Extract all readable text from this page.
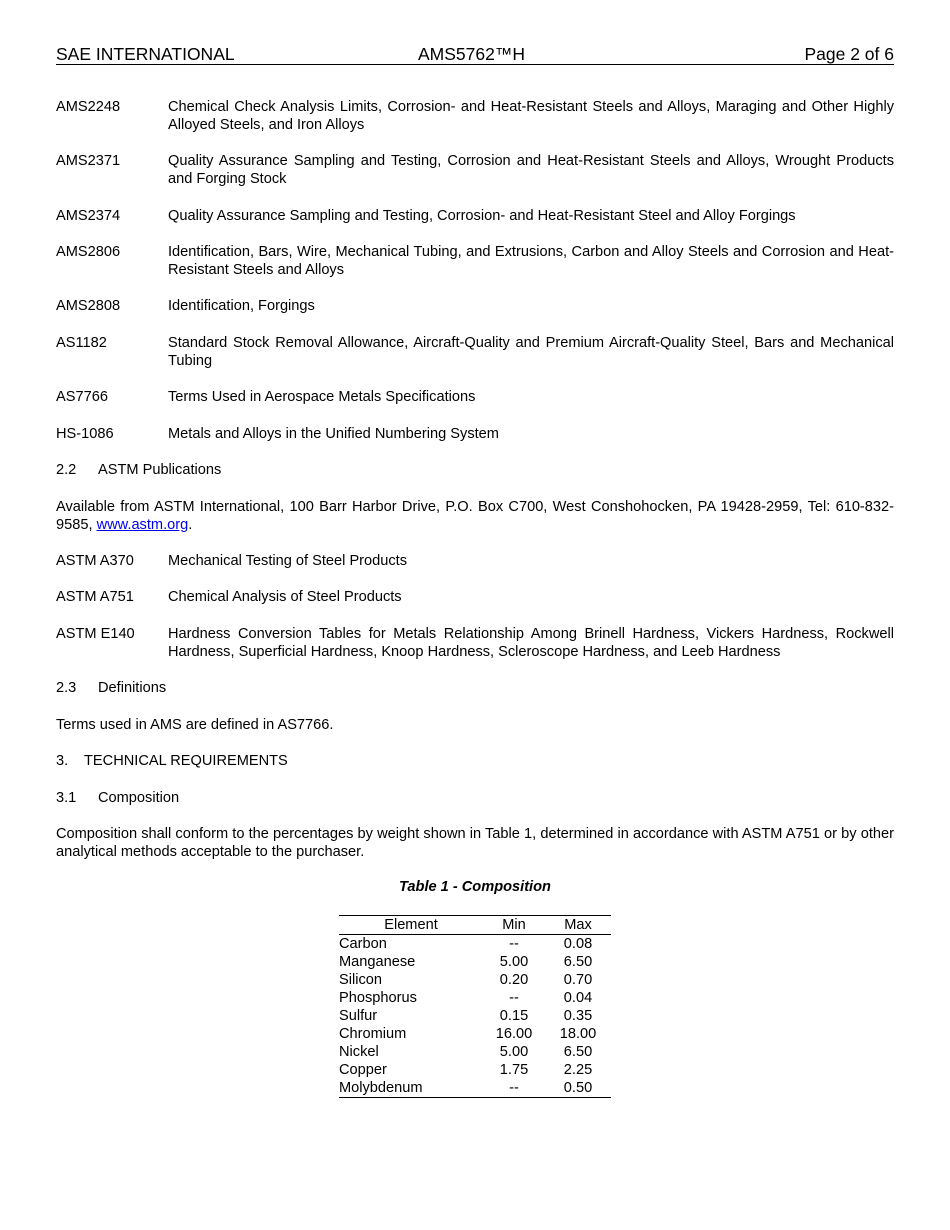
SAE INTERNATIONAL	AMS5762™H	Page 2 of 6
AMS2248	Chemical Check Analysis Limits, Corrosion- and Heat-Resistant Steels and Alloys, Maraging and Other Highly Alloyed Steels, and Iron Alloys
AMS2371	Quality Assurance Sampling and Testing, Corrosion and Heat-Resistant Steels and Alloys, Wrought Products and Forging Stock
AMS2374	Quality Assurance Sampling and Testing, Corrosion- and Heat-Resistant Steel and Alloy Forgings
AMS2806	Identification, Bars, Wire, Mechanical Tubing, and Extrusions, Carbon and Alloy Steels and Corrosion and Heat-Resistant Steels and Alloys
AMS2808	Identification, Forgings
AS1182	Standard Stock Removal Allowance, Aircraft-Quality and Premium Aircraft-Quality Steel, Bars and Mechanical Tubing
AS7766	Terms Used in Aerospace Metals Specifications
HS-1086	Metals and Alloys in the Unified Numbering System
2.2 ASTM Publications
Available from ASTM International, 100 Barr Harbor Drive, P.O. Box C700, West Conshohocken, PA 19428-2959, Tel: 610-832-9585, www.astm.org.
ASTM A370	Mechanical Testing of Steel Products
ASTM A751	Chemical Analysis of Steel Products
ASTM E140	Hardness Conversion Tables for Metals Relationship Among Brinell Hardness, Vickers Hardness, Rockwell Hardness, Superficial Hardness, Knoop Hardness, Scleroscope Hardness, and Leeb Hardness
2.3 Definitions
Terms used in AMS are defined in AS7766.
3. TECHNICAL REQUIREMENTS
3.1 Composition
Composition shall conform to the percentages by weight shown in Table 1, determined in accordance with ASTM A751 or by other analytical methods acceptable to the purchaser.
Table 1 - Composition
Element	Min	Max
Carbon	--	0.08
Manganese	5.00	6.50
Silicon	0.20	0.70
Phosphorus	--	0.04
Sulfur	0.15	0.35
Chromium	16.00	18.00
Nickel	5.00	6.50
Copper	1.75	2.25
Molybdenum	--	0.50
